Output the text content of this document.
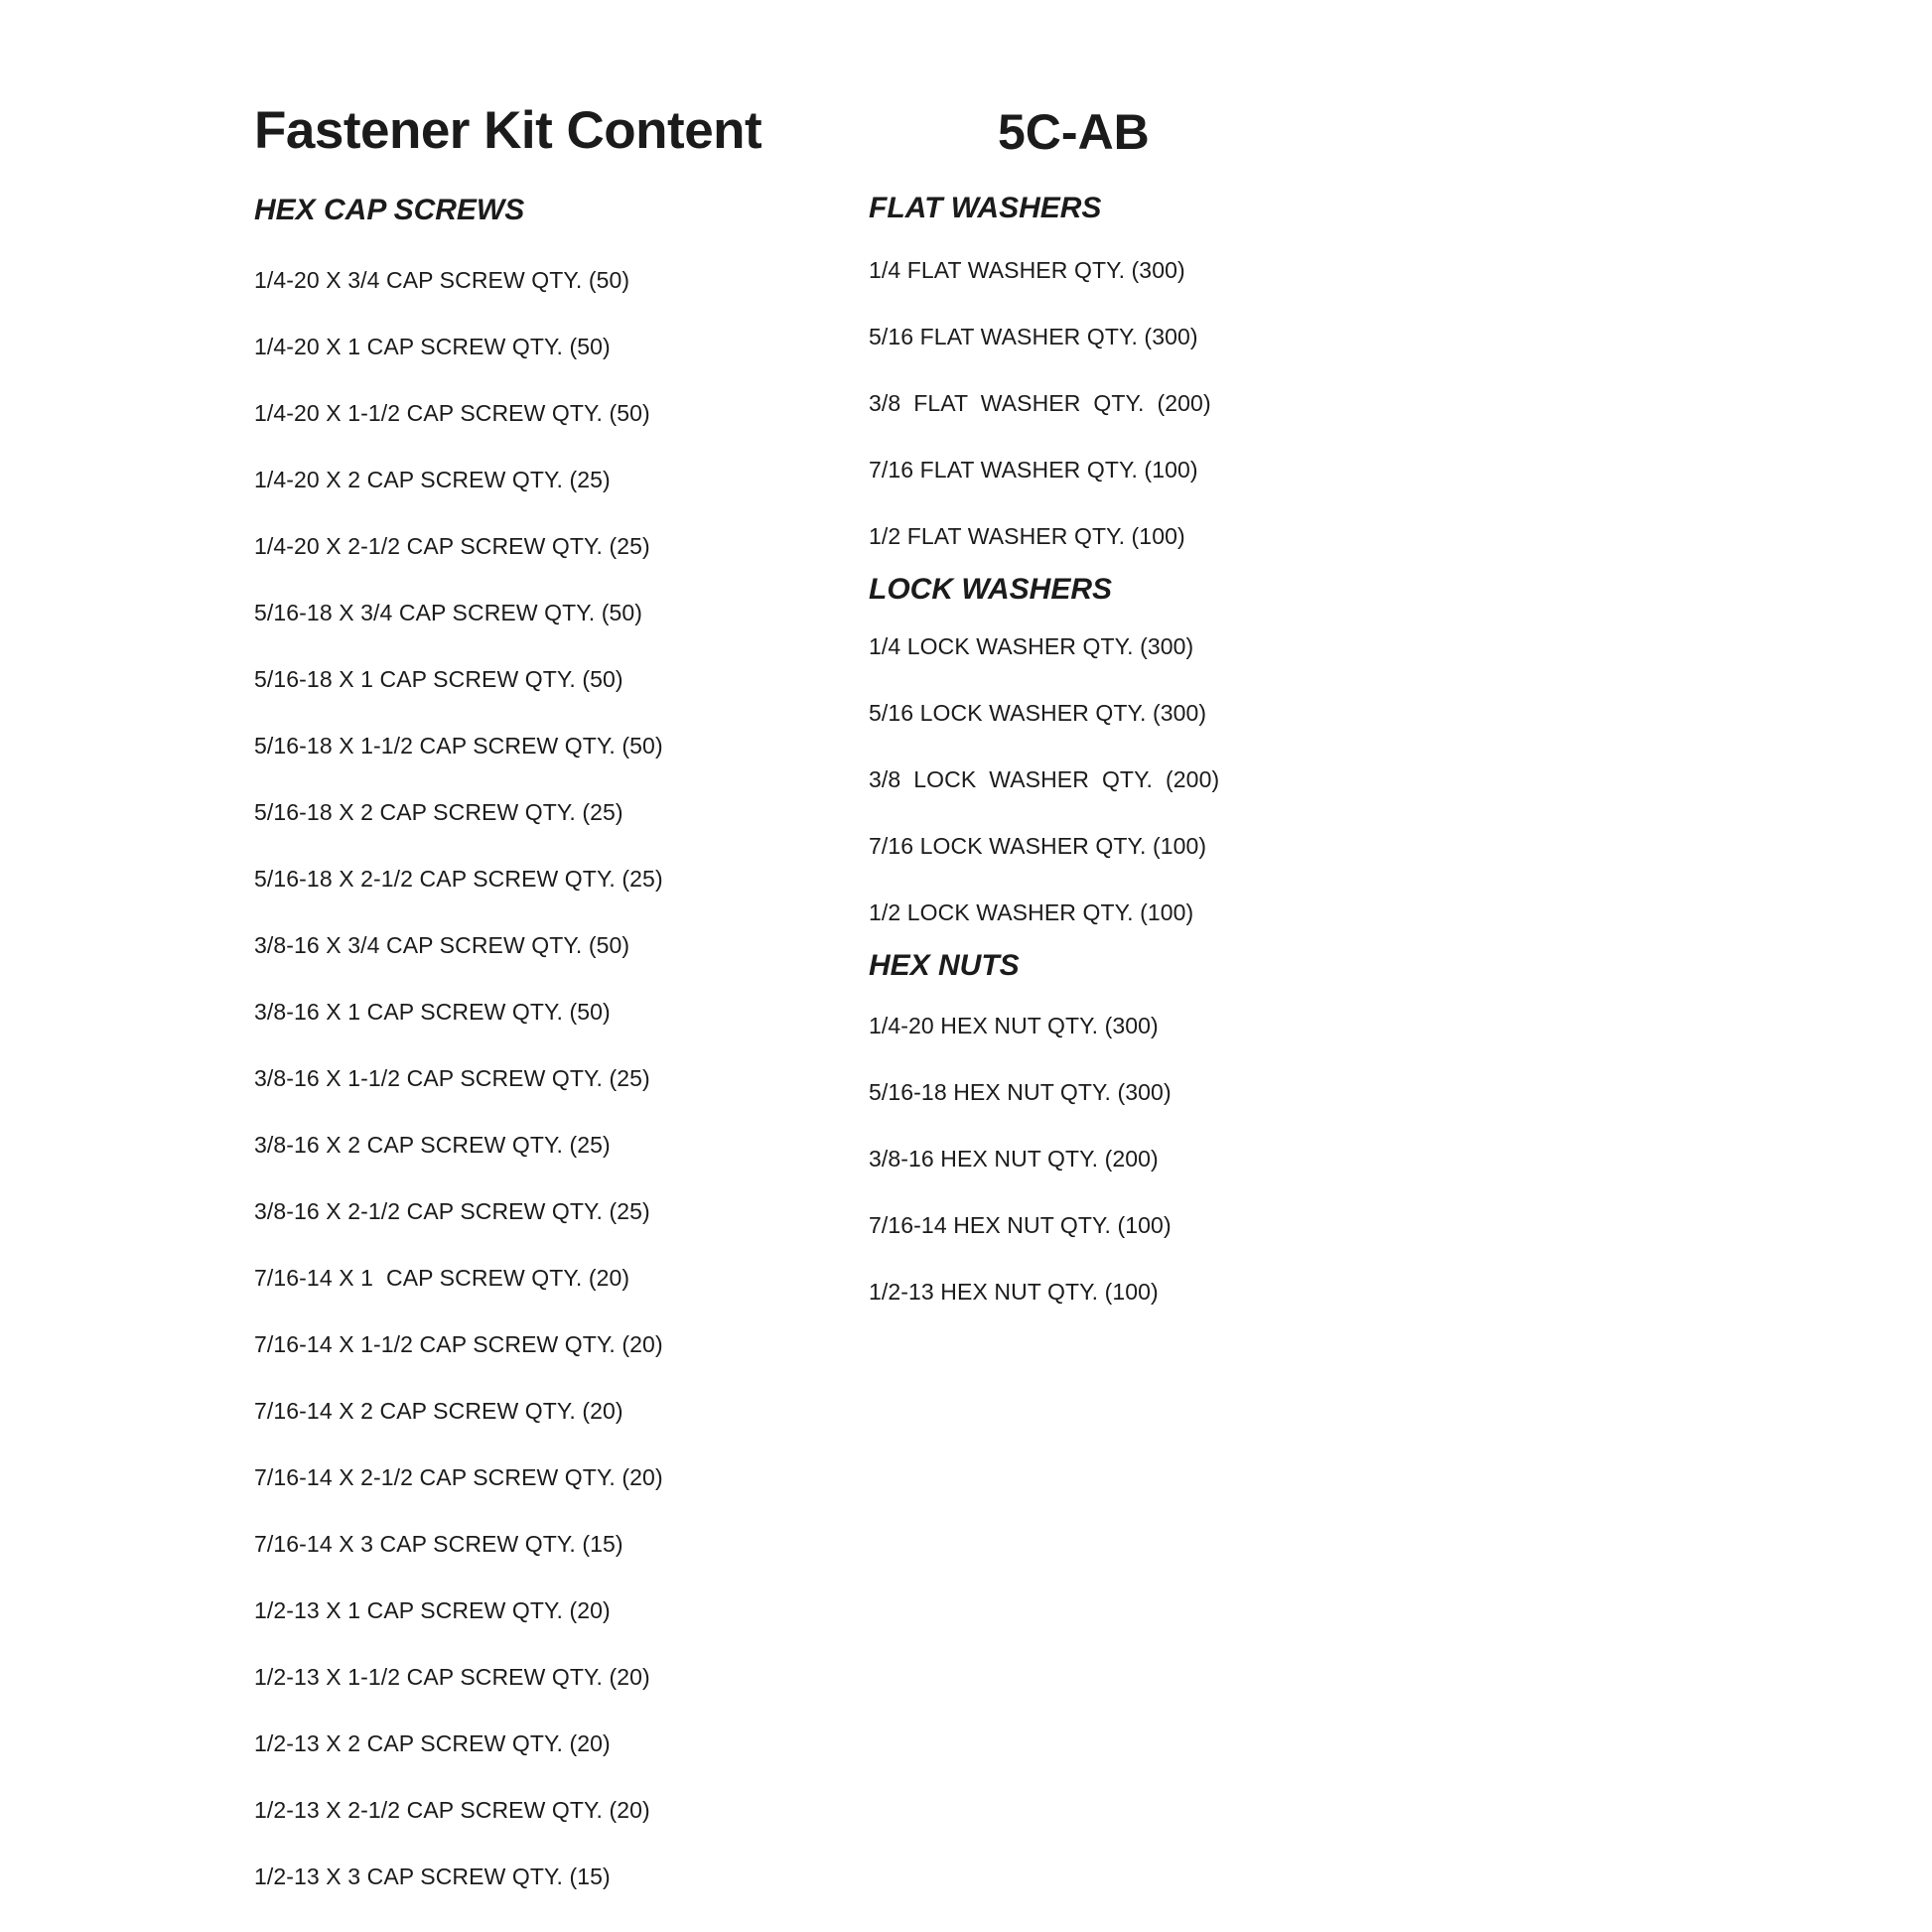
Fastener Kit Content
HEX CAP SCREWS
1/4-20 X 3/4 CAP SCREW QTY. (50)
1/4-20 X 1 CAP SCREW QTY. (50)
1/4-20 X 1-1/2 CAP SCREW QTY. (50)
1/4-20 X 2 CAP SCREW QTY. (25)
1/4-20 X 2-1/2 CAP SCREW QTY. (25)
5/16-18 X 3/4 CAP SCREW QTY. (50)
5/16-18 X 1 CAP SCREW QTY. (50)
5/16-18 X 1-1/2 CAP SCREW QTY. (50)
5/16-18 X 2 CAP SCREW QTY. (25)
5/16-18 X 2-1/2 CAP SCREW QTY. (25)
3/8-16 X 3/4 CAP SCREW QTY. (50)
3/8-16 X 1 CAP SCREW QTY. (50)
3/8-16 X 1-1/2 CAP SCREW QTY. (25)
3/8-16 X 2 CAP SCREW QTY. (25)
3/8-16 X 2-1/2 CAP SCREW QTY. (25)
7/16-14 X 1  CAP SCREW QTY. (20)
7/16-14 X 1-1/2 CAP SCREW QTY. (20)
7/16-14 X 2 CAP SCREW QTY. (20)
7/16-14 X 2-1/2 CAP SCREW QTY. (20)
7/16-14 X 3 CAP SCREW QTY. (15)
1/2-13 X 1 CAP SCREW QTY. (20)
1/2-13 X 1-1/2 CAP SCREW QTY. (20)
1/2-13 X 2 CAP SCREW QTY. (20)
1/2-13 X 2-1/2 CAP SCREW QTY. (20)
1/2-13 X 3 CAP SCREW QTY. (15)
5C-AB
FLAT WASHERS
1/4 FLAT WASHER QTY. (300)
5/16 FLAT WASHER QTY. (300)
3/8  FLAT  WASHER  QTY.  (200)
7/16 FLAT WASHER QTY. (100)
1/2 FLAT WASHER QTY. (100)
LOCK WASHERS
1/4 LOCK WASHER QTY. (300)
5/16 LOCK WASHER QTY. (300)
3/8  LOCK  WASHER  QTY.  (200)
7/16 LOCK WASHER QTY. (100)
1/2 LOCK WASHER QTY. (100)
HEX NUTS
1/4-20 HEX NUT QTY. (300)
5/16-18 HEX NUT QTY. (300)
3/8-16 HEX NUT QTY. (200)
7/16-14 HEX NUT QTY. (100)
1/2-13 HEX NUT QTY. (100)
